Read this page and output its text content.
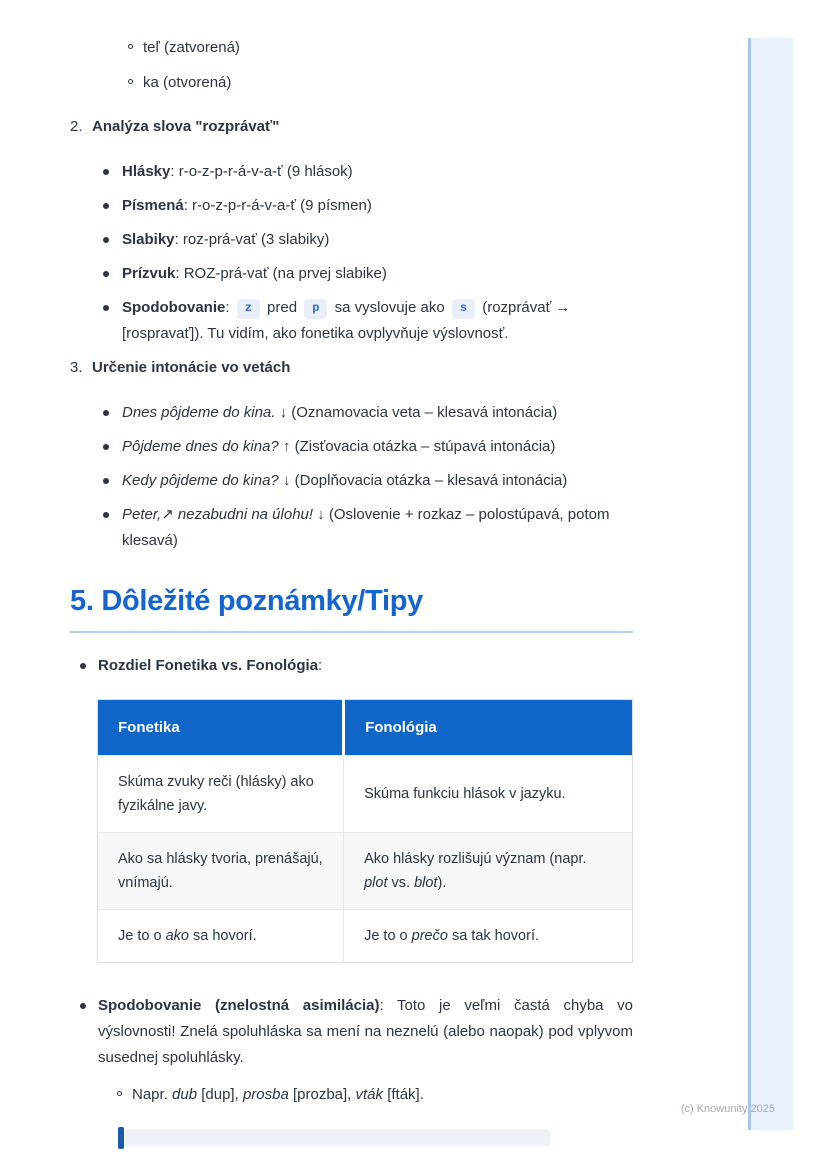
(c) Knowunity 2025
teľ (zatvorená)
ka (otvorená)
2. Analýza slova "rozprávať"
Hlásky: r-o-z-p-r-á-v-a-ť (9 hlások)
Písmená: r-o-z-p-r-á-v-a-ť (9 písmen)
Slabiky: roz-prá-vať (3 slabiky)
Prízvuk: ROZ-prá-vať (na prvej slabike)
Spodobovanie: z pred p sa vyslovuje ako s (rozprávať → [rospravať]). Tu vidím, ako fonetika ovplyvňuje výslovnosť.
3. Určenie intonácie vo vetách
Dnes pôjdeme do kina. ↓ (Oznamovacia veta – klesavá intonácia)
Pôjdeme dnes do kina? ↑ (Zisťovacia otázka – stúpavá intonácia)
Kedy pôjdeme do kina? ↓ (Doplňovacia otázka – klesavá intonácia)
Peter,↗ nezabudni na úlohu! ↓ (Oslovenie + rozkaz – polostúpavá, potom klesavá)
5. Dôležité poznámky/Tipy
Rozdiel Fonetika vs. Fonológia:
Fonetika	Fonológia
Skúma zvuky reči (hlásky) ako fyzikálne javy.	Skúma funkciu hlások v jazyku.
Ako sa hlásky tvoria, prenášajú, vnímajú.	Ako hlásky rozlišujú význam (napr. plot vs. blot).
Je to o ako sa hovorí.	Je to o prečo sa tak hovorí.
Spodobovanie (znelostná asimilácia): Toto je veľmi častá chyba vo výslovnosti! Znelá spoluhláska sa mení na neznelú (alebo naopak) pod vplyvom susednej spoluhlásky.
Napr. dub [dup], prosba [prozba], vták [fták].
